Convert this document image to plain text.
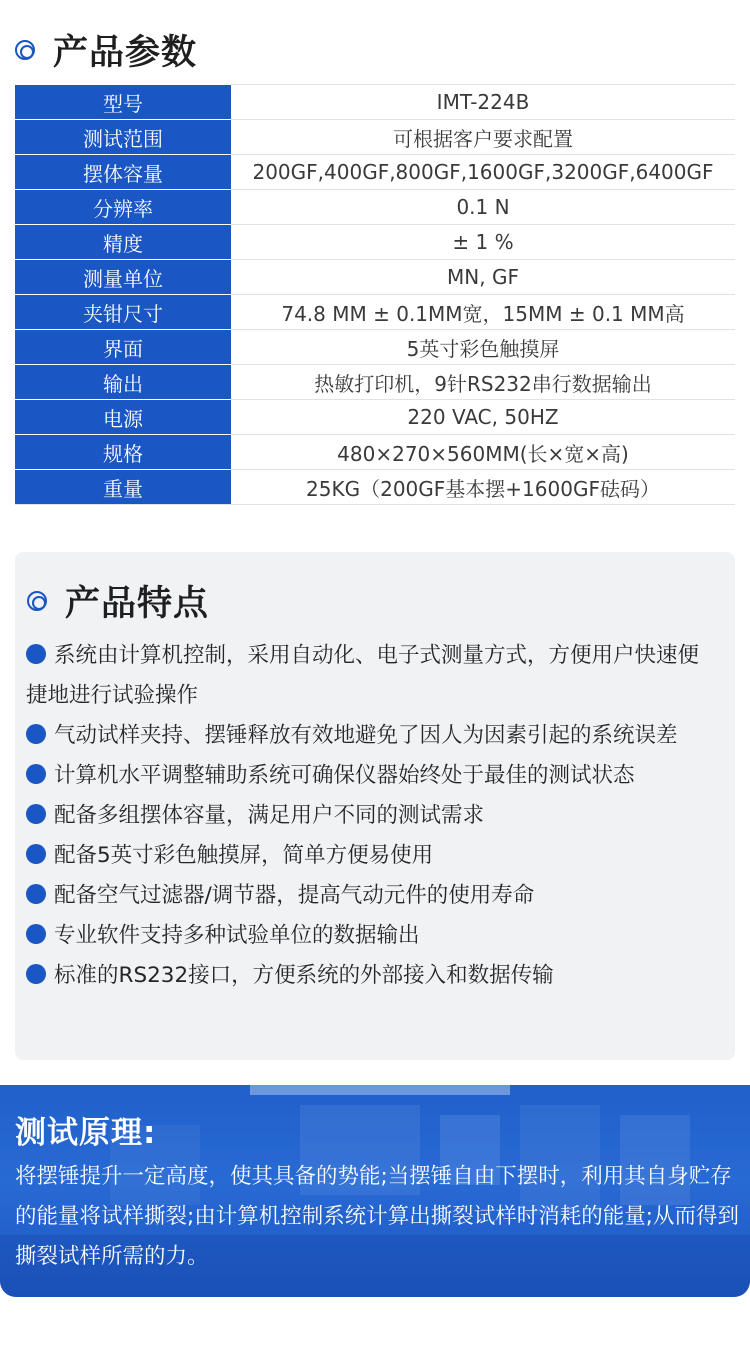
产品参数
型号	IMT-224B
测试范围	可根据客户要求配置
摆体容量	200GF,400GF,800GF,1600GF,3200GF,6400GF
分辨率	0.1 N
精度	± 1 %
测量单位	MN, GF
夹钳尺寸	74.8 MM ± 0.1MM宽，15MM ± 0.1 MM高
界面	5英寸彩色触摸屏
输出	热敏打印机，9针RS232串行数据输出
电源	220 VAC, 50HZ
规格	480×270×560MM(长×宽×高)
重量	25KG（200GF基本摆+1600GF砝码）
产品特点
系统由计算机控制，采用自动化、电子式测量方式，方便用户快速便捷地进行试验操作
气动试样夹持、摆锤释放有效地避免了因人为因素引起的系统误差
计算机水平调整辅助系统可确保仪器始终处于最佳的测试状态
配备多组摆体容量，满足用户不同的测试需求
配备5英寸彩色触摸屏，简单方便易使用
配备空气过滤器/调节器，提高气动元件的使用寿命
专业软件支持多种试验单位的数据输出
标准的RS232接口，方便系统的外部接入和数据传输
测试原理:

将摆锤提升一定高度，使其具备的势能;当摆锤自由下摆时，利用其自身贮存的能量将试样撕裂;由计算机控制系统计算出撕裂试样时消耗的能量;从而得到撕裂试样所需的力。
